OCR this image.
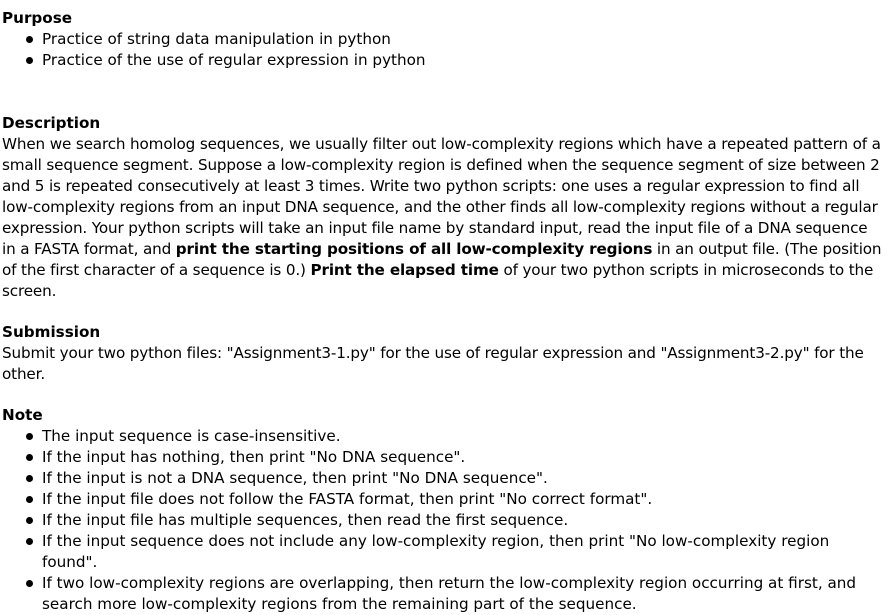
Purpose

Practice of string data manipulation in python
Practice of the use of regular expression in python

Description

When we search homolog sequences, we usually filter out low-complexity regions which have a repeated pattern of a small sequence segment. Suppose a low-complexity region is defined when the sequence segment of size between 2 and 5 is repeated consecutively at least 3 times. Write two python scripts: one uses a regular expression to find all low-complexity regions from an input DNA sequence, and the other finds all low-complexity regions without a regular expression. Your python scripts will take an input file name by standard input, read the input file of a DNA sequence in a FASTA format, and print the starting positions of all low-complexity regions in an output file. (The position of the first character of a sequence is 0.) Print the elapsed time of your two python scripts in microseconds to the screen.

Submission

Submit your two python files: "Assignment3-1.py" for the use of regular expression and "Assignment3-2.py" for the other.

Note

The input sequence is case-insensitive.
If the input has nothing, then print "No DNA sequence".
If the input is not a DNA sequence, then print "No DNA sequence".
If the input file does not follow the FASTA format, then print "No correct format".
If the input file has multiple sequences, then read the first sequence.
If the input sequence does not include any low-complexity region, then print "No low-complexity region found".
If two low-complexity regions are overlapping, then return the low-complexity region occurring at first, and search more low-complexity regions from the remaining part of the sequence.
